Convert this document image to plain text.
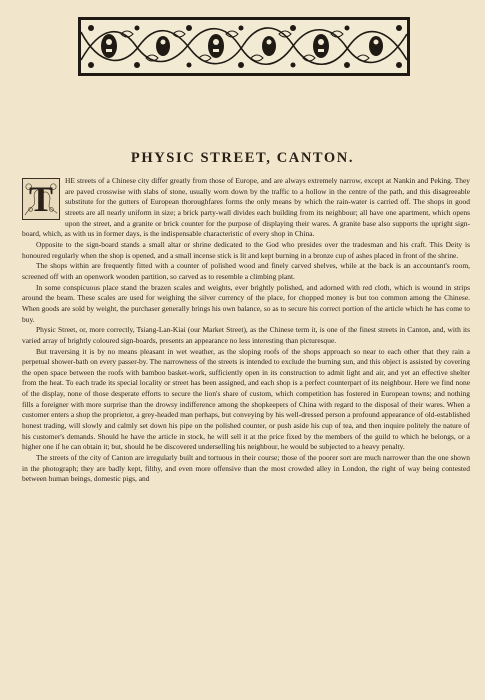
PHYSIC STREET, CANTON.

T	HE streets of a Chinese city differ greatly from those of Europe, and are always extremely narrow, except at Nankin and Peking. They are paved crosswise with slabs of stone, usually worn down by the traffic to a hollow in the centre of the path, and this disagreeable substitute for the gutters of European thoroughfares forms the only means by which the rain-water is carried off. The shops in good streets are all nearly uniform in size; a brick party-wall divides each building from its neighbour; all have one apartment, which opens upon the street, and a granite or brick counter for the purpose of displaying their wares. A granite base also supports the upright sign-board, which, as with us in former days, is the indispensable characteristic of every shop in China.

Opposite to the sign-board stands a small altar or shrine dedicated to the God who presides over the tradesman and his craft. This Deity is honoured regularly when the shop is opened, and a small incense stick is lit and kept burning in a bronze cup of ashes placed in front of the shrine.

The shops within are frequently fitted with a counter of polished wood and finely carved shelves, while at the back is an accountant's room, screened off with an openwork wooden partition, so carved as to resemble a climbing plant.

In some conspicuous place stand the brazen scales and weights, ever brightly polished, and adorned with red cloth, which is wound in strips around the beam. These scales are used for weighing the silver currency of the place, for chopped money is but too common among the Chinese. When goods are sold by weight, the purchaser generally brings his own balance, so as to secure his correct portion of the article which he has come to buy.

Physic Street, or, more correctly, Tsiang-Lan-Kiai (our Market Street), as the Chinese term it, is one of the finest streets in Canton, and, with its varied array of brightly coloured sign-boards, presents an appearance no less interesting than picturesque.

But traversing it is by no means pleasant in wet weather, as the sloping roofs of the shops approach so near to each other that they rain a perpetual shower-bath on every passer-by. The narrowness of the streets is intended to exclude the burning sun, and this object is assisted by covering the open space between the roofs with bamboo basket-work, sufficiently open in its construction to admit light and air, and yet an effective shelter from the heat. To each trade its special locality or street has been assigned, and each shop is a perfect counterpart of its neighbour. Here we find none of the display, none of those desperate efforts to secure the lion's share of custom, which competition has fostered in European towns; and nothing fills a foreigner with more surprise than the drowsy indifference among the shopkeepers of China with regard to the disposal of their wares. When a customer enters a shop the proprietor, a grey-headed man perhaps, but conveying by his well-dressed person a profound appearance of old-established honest trading, will slowly and calmly set down his pipe on the polished counter, or push aside his cup of tea, and then inquire politely the nature of his customer's demands. Should he have the article in stock, he will sell it at the price fixed by the members of the guild to which he belongs, or a higher one if he can obtain it; but, should he be discovered underselling his neighbour, he would be subjected to a heavy penalty.

The streets of the city of Canton are irregularly built and tortuous in their course; those of the poorer sort are much narrower than the one shown in the photograph; they are badly kept, filthy, and even more offensive than the most crowded alley in London, the right of way being contested between human beings, domestic pigs, and
